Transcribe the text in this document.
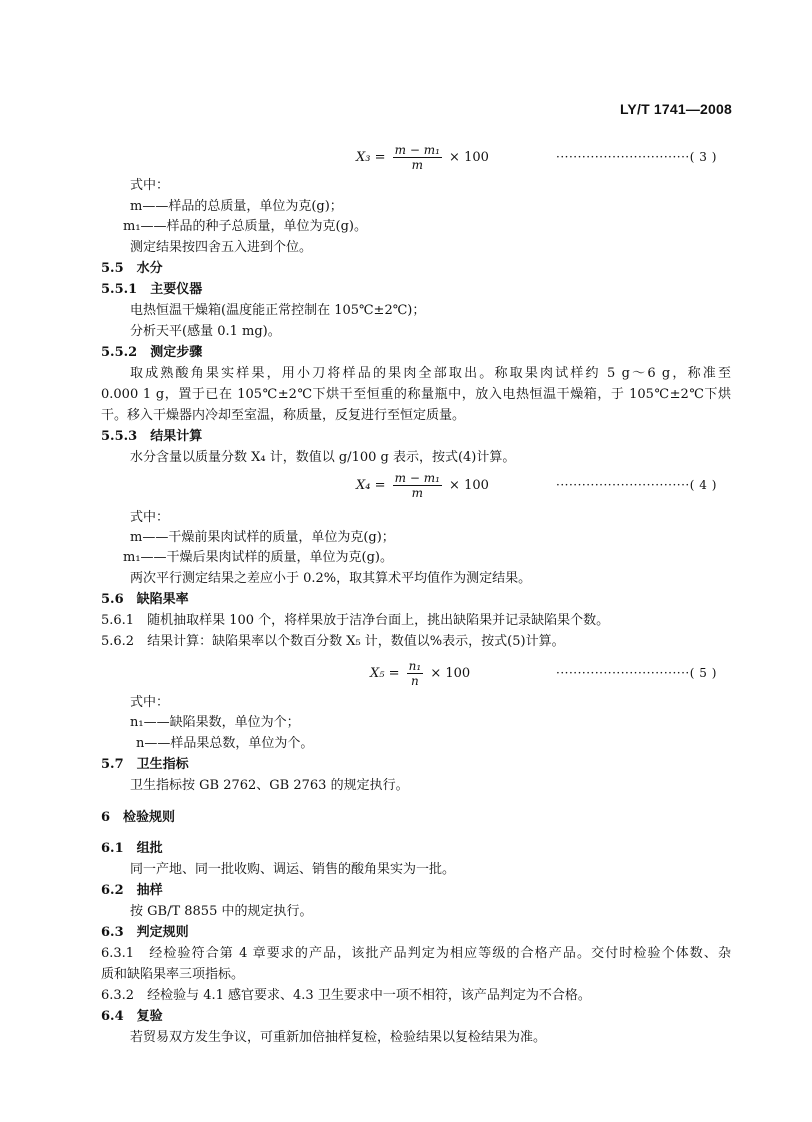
LY/T 1741—2008
$X_3 = \frac{\text{m − m₁}}{m} \times 100$	·······························( 3 )
式中：
m——样品的总质量，单位为克(g)；
m₁——样品的种子总质量，单位为克(g)。
测定结果按四舍五入进到个位。
5.5　水分
5.5.1　主要仪器
电热恒温干燥箱(温度能正常控制在 105℃±2℃)；
分析天平(感量 0.1 mg)。
5.5.2　测定步骤
取成熟酸角果实样果，用小刀将样品的果肉全部取出。称取果肉试样约 5 g～6 g，称准至
0.000 1 g，置于已在 105℃±2℃下烘干至恒重的称量瓶中，放入电热恒温干燥箱，于 105℃±2℃下烘
干。移入干燥器内冷却至室温，称质量，反复进行至恒定质量。
5.5.3　结果计算
水分含量以质量分数 X₄ 计，数值以 g/100 g 表示，按式(4)计算。
$X_4 = \frac{\text{m − m₁}}{m} \times 100$	·······························( 4 )
式中：
m——干燥前果肉试样的质量，单位为克(g)；
m₁——干燥后果肉试样的质量，单位为克(g)。
两次平行测定结果之差应小于 0.2%，取其算术平均值作为测定结果。
5.6　缺陷果率
5.6.1　随机抽取样果 100 个，将样果放于洁净台面上，挑出缺陷果并记录缺陷果个数。
5.6.2　结果计算：缺陷果率以个数百分数 X₅ 计，数值以%表示，按式(5)计算。
$X_5 = \frac{\text{n₁}}{n} \times 100$	·······························( 5 )
式中：
n₁——缺陷果数，单位为个；
n——样品果总数，单位为个。
5.7　卫生指标
卫生指标按 GB 2762、GB 2763 的规定执行。
6　检验规则
6.1　组批
同一产地、同一批收购、调运、销售的酸角果实为一批。
6.2　抽样
按 GB/T 8855 中的规定执行。
6.3　判定规则
6.3.1　经检验符合第 4 章要求的产品，该批产品判定为相应等级的合格产品。交付时检验个体数、杂
质和缺陷果率三项指标。
6.3.2　经检验与 4.1 感官要求、4.3 卫生要求中一项不相符，该产品判定为不合格。
6.4　复验
若贸易双方发生争议，可重新加倍抽样复检，检验结果以复检结果为准。
